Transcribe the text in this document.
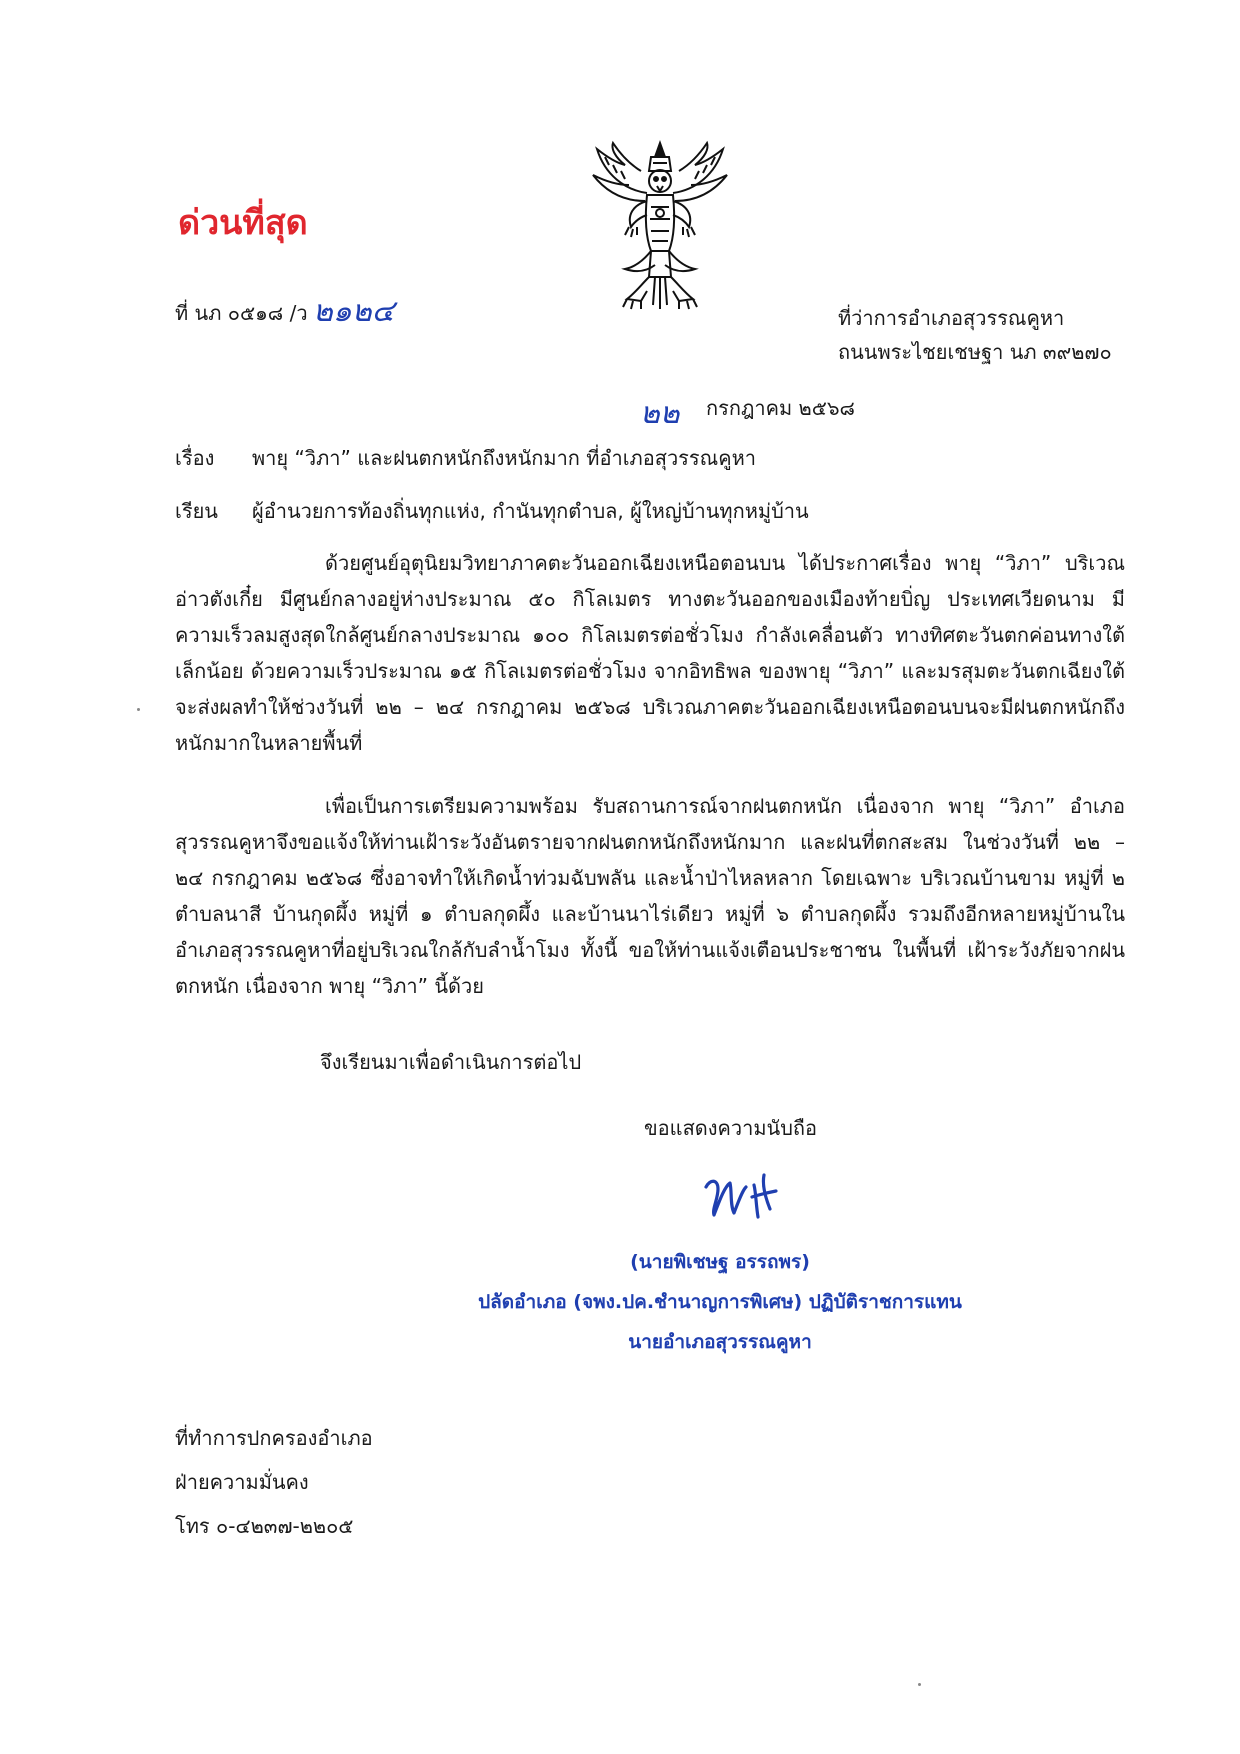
ด่วนที่สุด
ที่ นภ ๐๕๑๘ /ว ๒๑๒๔	ที่ว่าการอำเภอสุวรรณคูหา
ถนนพระไชยเชษฐา นภ ๓๙๒๗๐
๒๒ กรกฎาคม ๒๕๖๘
เรื่อง พายุ “วิภา” และฝนตกหนักถึงหนักมาก ที่อำเภอสุวรรณคูหา
เรียน ผู้อำนวยการท้องถิ่นทุกแห่ง, กำนันทุกตำบล, ผู้ใหญ่บ้านทุกหมู่บ้าน
ด้วยศูนย์อุตุนิยมวิทยาภาคตะวันออกเฉียงเหนือตอนบน ได้ประกาศเรื่อง พายุ “วิภา” บริเวณอ่าวตังเกี๋ย มีศูนย์กลางอยู่ห่างประมาณ ๕๐ กิโลเมตร ทางตะวันออกของเมืองท้ายบิ่ญ ประเทศเวียดนาม มีความเร็วลมสูงสุดใกล้ศูนย์กลางประมาณ ๑๐๐ กิโลเมตรต่อชั่วโมง กำลังเคลื่อนตัว ทางทิศตะวันตกค่อนทางใต้เล็กน้อย ด้วยความเร็วประมาณ ๑๕ กิโลเมตรต่อชั่วโมง จากอิทธิพล ของพายุ “วิภา” และมรสุมตะวันตกเฉียงใต้ จะส่งผลทำให้ช่วงวันที่ ๒๒ – ๒๔ กรกฎาคม ๒๕๖๘ บริเวณภาคตะวันออกเฉียงเหนือตอนบนจะมีฝนตกหนักถึงหนักมากในหลายพื้นที่
เพื่อเป็นการเตรียมความพร้อม รับสถานการณ์จากฝนตกหนัก เนื่องจาก พายุ “วิภา” อำเภอสุวรรณคูหาจึงขอแจ้งให้ท่านเฝ้าระวังอันตรายจากฝนตกหนักถึงหนักมาก และฝนที่ตกสะสม ในช่วงวันที่ ๒๒ – ๒๔ กรกฎาคม ๒๕๖๘ ซึ่งอาจทำให้เกิดน้ำท่วมฉับพลัน และน้ำป่าไหลหลาก โดยเฉพาะ บริเวณบ้านขาม หมู่ที่ ๒ ตำบลนาสี บ้านกุดผึ้ง หมู่ที่ ๑ ตำบลกุดผึ้ง และบ้านนาไร่เดียว หมู่ที่ ๖ ตำบลกุดผึ้ง รวมถึงอีกหลายหมู่บ้านในอำเภอสุวรรณคูหาที่อยู่บริเวณใกล้กับลำน้ำโมง ทั้งนี้ ขอให้ท่านแจ้งเตือนประชาชน ในพื้นที่ เฝ้าระวังภัยจากฝนตกหนัก เนื่องจาก พายุ “วิภา” นี้ด้วย
จึงเรียนมาเพื่อดำเนินการต่อไป
ขอแสดงความนับถือ
(นายพิเชษฐ อรรถพร)
ปลัดอำเภอ (จพง.ปค.ชำนาญการพิเศษ) ปฏิบัติราชการแทน
นายอำเภอสุวรรณคูหา
ที่ทำการปกครองอำเภอ
ฝ่ายความมั่นคง
โทร ๐-๔๒๓๗-๒๒๐๕
